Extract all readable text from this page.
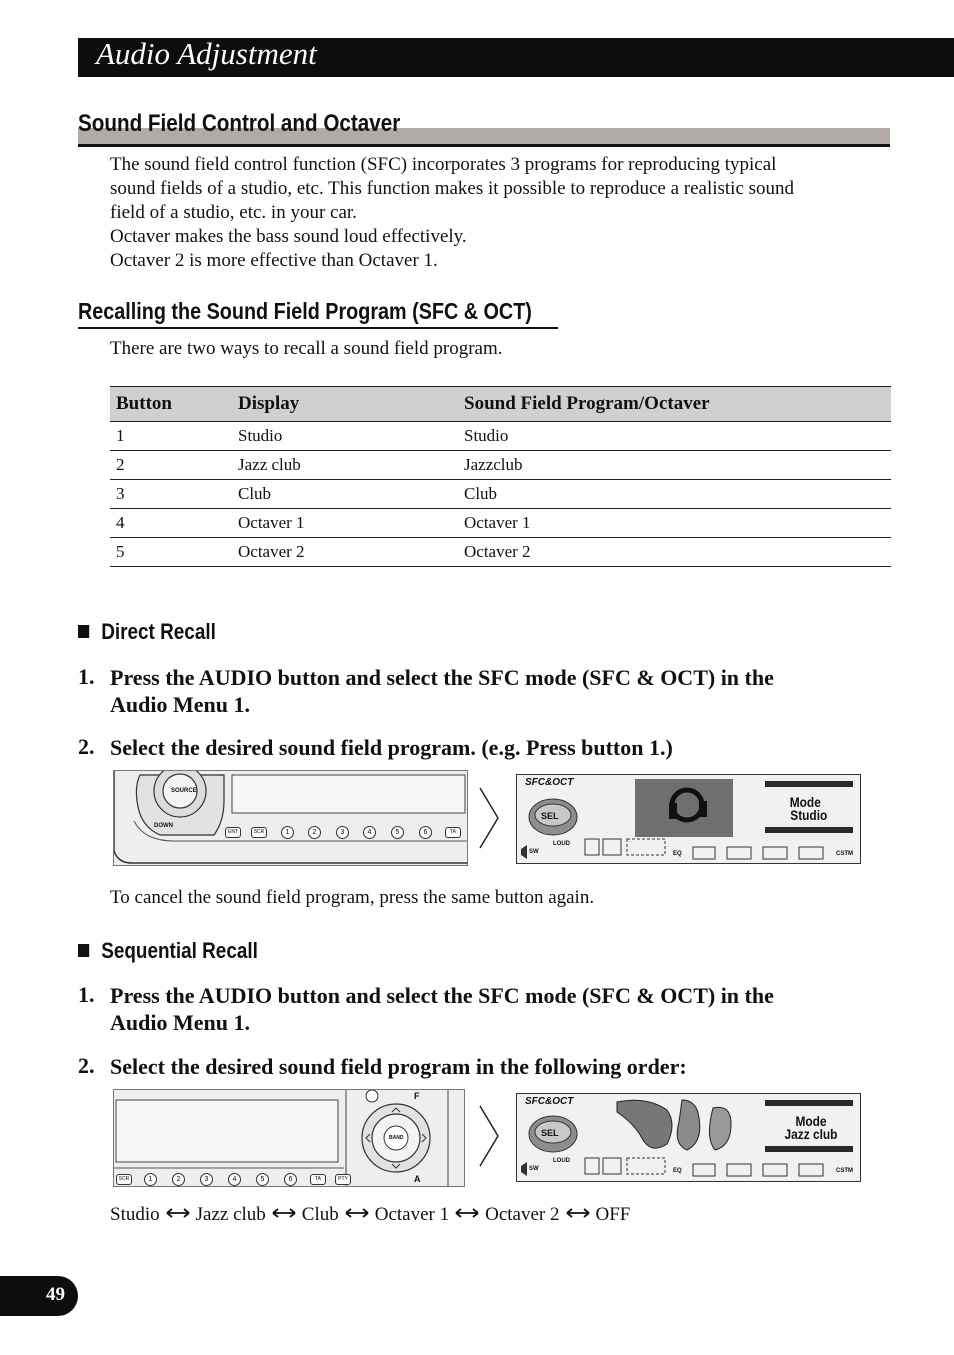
Audio Adjustment
Sound Field Control and Octaver
The sound field control function (SFC) incorporates 3 programs for reproducing typical
sound fields of a studio, etc. This function makes it possible to reproduce a realistic sound
field of a studio, etc. in your car.
Octaver makes the bass sound loud effectively.
Octaver 2 is more effective than Octaver 1.
Recalling the Sound Field Program (SFC & OCT)
There are two ways to recall a sound field program.
Button	Display	Sound Field Program/Octaver
1	Studio	Studio
2	Jazz club	Jazzclub
3	Club	Club
4	Octaver 1	Octaver 1
5	Octaver 2	Octaver 2
Direct Recall
1. Press the AUDIO button and select the SFC mode (SFC & OCT) in the
Audio Menu 1.
2. Select the desired sound field program. (e.g. Press button 1.)
SOURCE
DOWN
ENT	SCR	1	2	3	4	5	6	TA
SFC&OCT
SEL
Mode
Studio
SW
LOUD
EQ	CSTM
To cancel the sound field program, press the same button again.
Sequential Recall
1. Press the AUDIO button and select the SFC mode (SFC & OCT) in the
Audio Menu 1.
2. Select the desired sound field program in the following order:
BAND
F
A
SCR	1	2	3	4	5	6	TA	PTY
SFC&OCT
SEL
Mode
Jazz club
SW
LOUD
EQ	CSTM
Studio Jazz club Club Octaver 1 Octaver 2 OFF
49
